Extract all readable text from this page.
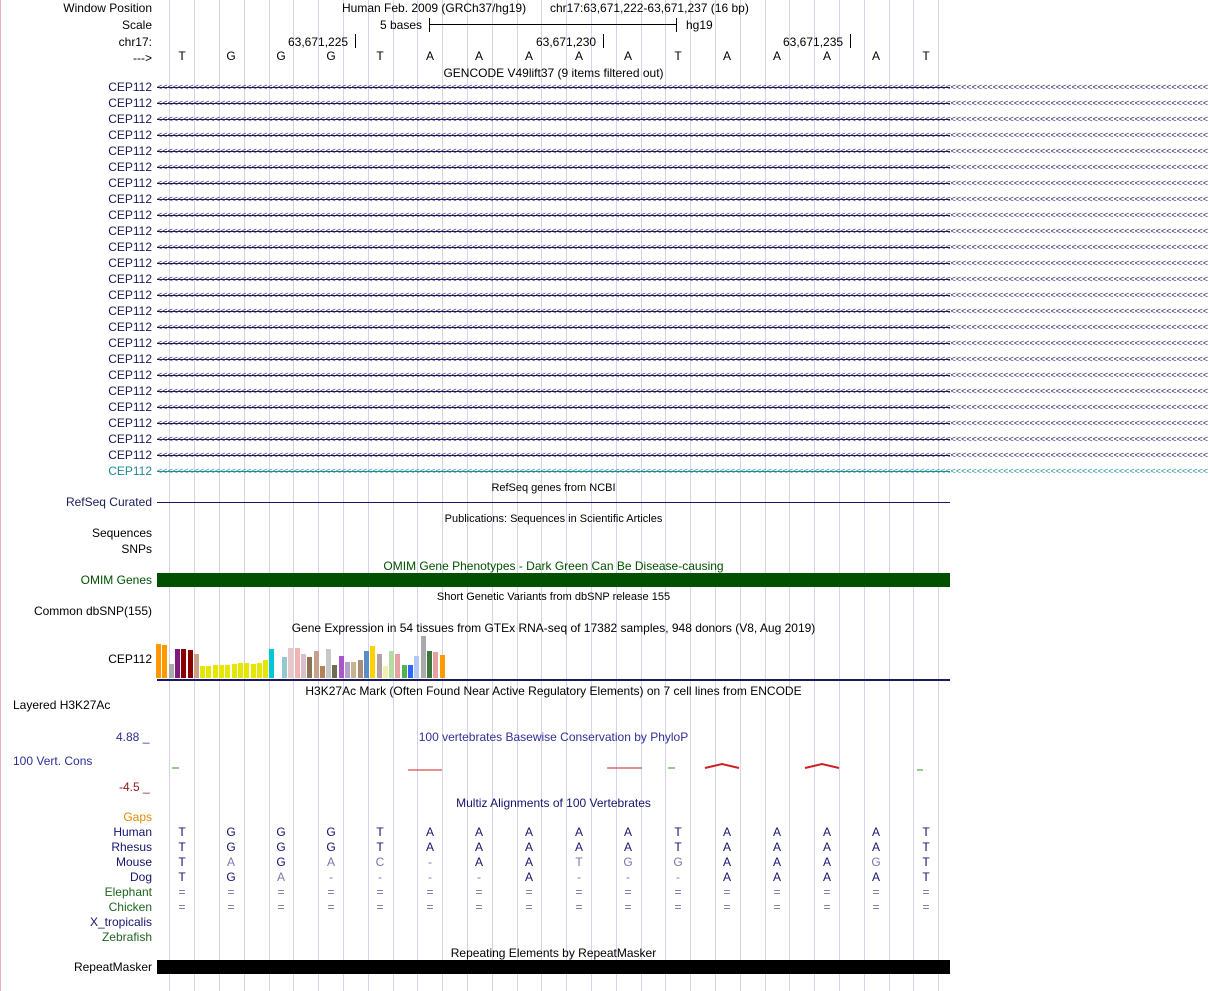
Window Position
Scale
chr17:
--->
Human Feb. 2009 (GRCh37/hg19) chr17:63,671,222-63,671,237 (16 bp)
5 bases	hg19
63,671,225	63,671,230	63,671,235
T	G	G	G	T	A	A	A	A	A	T	A	A	A	A	T
GENCODE V49lift37 (9 items filtered out)
CEP112 <<<<<<<<<<<<<<<<<<<<<<<<<<<<<<<<<<<<<<<<<<<<<<<<<<<<<<<<<<<<<<<<<<<<<<<<<<<<<<<<<<<<<<<<<<<<<<<<<<<<<<<<<<<<<<<<<<<<<<<<<<<<<<<<<<<<<<<<<<<<<<<<<<<<<<<<<<<<<<<<<<<<<<<<<<<<<<<<<<<<<<<<<<<<<<<<<<<<<<<<
CEP112 <<<<<<<<<<<<<<<<<<<<<<<<<<<<<<<<<<<<<<<<<<<<<<<<<<<<<<<<<<<<<<<<<<<<<<<<<<<<<<<<<<<<<<<<<<<<<<<<<<<<<<<<<<<<<<<<<<<<<<<<<<<<<<<<<<<<<<<<<<<<<<<<<<<<<<<<<<<<<<<<<<<<<<<<<<<<<<<<<<<<<<<<<<<<<<<<<<<<<<<<
CEP112 <<<<<<<<<<<<<<<<<<<<<<<<<<<<<<<<<<<<<<<<<<<<<<<<<<<<<<<<<<<<<<<<<<<<<<<<<<<<<<<<<<<<<<<<<<<<<<<<<<<<<<<<<<<<<<<<<<<<<<<<<<<<<<<<<<<<<<<<<<<<<<<<<<<<<<<<<<<<<<<<<<<<<<<<<<<<<<<<<<<<<<<<<<<<<<<<<<<<<<<<
CEP112 <<<<<<<<<<<<<<<<<<<<<<<<<<<<<<<<<<<<<<<<<<<<<<<<<<<<<<<<<<<<<<<<<<<<<<<<<<<<<<<<<<<<<<<<<<<<<<<<<<<<<<<<<<<<<<<<<<<<<<<<<<<<<<<<<<<<<<<<<<<<<<<<<<<<<<<<<<<<<<<<<<<<<<<<<<<<<<<<<<<<<<<<<<<<<<<<<<<<<<<<
CEP112 <<<<<<<<<<<<<<<<<<<<<<<<<<<<<<<<<<<<<<<<<<<<<<<<<<<<<<<<<<<<<<<<<<<<<<<<<<<<<<<<<<<<<<<<<<<<<<<<<<<<<<<<<<<<<<<<<<<<<<<<<<<<<<<<<<<<<<<<<<<<<<<<<<<<<<<<<<<<<<<<<<<<<<<<<<<<<<<<<<<<<<<<<<<<<<<<<<<<<<<<
CEP112 <<<<<<<<<<<<<<<<<<<<<<<<<<<<<<<<<<<<<<<<<<<<<<<<<<<<<<<<<<<<<<<<<<<<<<<<<<<<<<<<<<<<<<<<<<<<<<<<<<<<<<<<<<<<<<<<<<<<<<<<<<<<<<<<<<<<<<<<<<<<<<<<<<<<<<<<<<<<<<<<<<<<<<<<<<<<<<<<<<<<<<<<<<<<<<<<<<<<<<<<
CEP112 <<<<<<<<<<<<<<<<<<<<<<<<<<<<<<<<<<<<<<<<<<<<<<<<<<<<<<<<<<<<<<<<<<<<<<<<<<<<<<<<<<<<<<<<<<<<<<<<<<<<<<<<<<<<<<<<<<<<<<<<<<<<<<<<<<<<<<<<<<<<<<<<<<<<<<<<<<<<<<<<<<<<<<<<<<<<<<<<<<<<<<<<<<<<<<<<<<<<<<<<
CEP112 <<<<<<<<<<<<<<<<<<<<<<<<<<<<<<<<<<<<<<<<<<<<<<<<<<<<<<<<<<<<<<<<<<<<<<<<<<<<<<<<<<<<<<<<<<<<<<<<<<<<<<<<<<<<<<<<<<<<<<<<<<<<<<<<<<<<<<<<<<<<<<<<<<<<<<<<<<<<<<<<<<<<<<<<<<<<<<<<<<<<<<<<<<<<<<<<<<<<<<<<
CEP112 <<<<<<<<<<<<<<<<<<<<<<<<<<<<<<<<<<<<<<<<<<<<<<<<<<<<<<<<<<<<<<<<<<<<<<<<<<<<<<<<<<<<<<<<<<<<<<<<<<<<<<<<<<<<<<<<<<<<<<<<<<<<<<<<<<<<<<<<<<<<<<<<<<<<<<<<<<<<<<<<<<<<<<<<<<<<<<<<<<<<<<<<<<<<<<<<<<<<<<<<
CEP112 <<<<<<<<<<<<<<<<<<<<<<<<<<<<<<<<<<<<<<<<<<<<<<<<<<<<<<<<<<<<<<<<<<<<<<<<<<<<<<<<<<<<<<<<<<<<<<<<<<<<<<<<<<<<<<<<<<<<<<<<<<<<<<<<<<<<<<<<<<<<<<<<<<<<<<<<<<<<<<<<<<<<<<<<<<<<<<<<<<<<<<<<<<<<<<<<<<<<<<<<
CEP112 <<<<<<<<<<<<<<<<<<<<<<<<<<<<<<<<<<<<<<<<<<<<<<<<<<<<<<<<<<<<<<<<<<<<<<<<<<<<<<<<<<<<<<<<<<<<<<<<<<<<<<<<<<<<<<<<<<<<<<<<<<<<<<<<<<<<<<<<<<<<<<<<<<<<<<<<<<<<<<<<<<<<<<<<<<<<<<<<<<<<<<<<<<<<<<<<<<<<<<<<
CEP112 <<<<<<<<<<<<<<<<<<<<<<<<<<<<<<<<<<<<<<<<<<<<<<<<<<<<<<<<<<<<<<<<<<<<<<<<<<<<<<<<<<<<<<<<<<<<<<<<<<<<<<<<<<<<<<<<<<<<<<<<<<<<<<<<<<<<<<<<<<<<<<<<<<<<<<<<<<<<<<<<<<<<<<<<<<<<<<<<<<<<<<<<<<<<<<<<<<<<<<<<
CEP112 <<<<<<<<<<<<<<<<<<<<<<<<<<<<<<<<<<<<<<<<<<<<<<<<<<<<<<<<<<<<<<<<<<<<<<<<<<<<<<<<<<<<<<<<<<<<<<<<<<<<<<<<<<<<<<<<<<<<<<<<<<<<<<<<<<<<<<<<<<<<<<<<<<<<<<<<<<<<<<<<<<<<<<<<<<<<<<<<<<<<<<<<<<<<<<<<<<<<<<<<
CEP112 <<<<<<<<<<<<<<<<<<<<<<<<<<<<<<<<<<<<<<<<<<<<<<<<<<<<<<<<<<<<<<<<<<<<<<<<<<<<<<<<<<<<<<<<<<<<<<<<<<<<<<<<<<<<<<<<<<<<<<<<<<<<<<<<<<<<<<<<<<<<<<<<<<<<<<<<<<<<<<<<<<<<<<<<<<<<<<<<<<<<<<<<<<<<<<<<<<<<<<<<
CEP112 <<<<<<<<<<<<<<<<<<<<<<<<<<<<<<<<<<<<<<<<<<<<<<<<<<<<<<<<<<<<<<<<<<<<<<<<<<<<<<<<<<<<<<<<<<<<<<<<<<<<<<<<<<<<<<<<<<<<<<<<<<<<<<<<<<<<<<<<<<<<<<<<<<<<<<<<<<<<<<<<<<<<<<<<<<<<<<<<<<<<<<<<<<<<<<<<<<<<<<<<
CEP112 <<<<<<<<<<<<<<<<<<<<<<<<<<<<<<<<<<<<<<<<<<<<<<<<<<<<<<<<<<<<<<<<<<<<<<<<<<<<<<<<<<<<<<<<<<<<<<<<<<<<<<<<<<<<<<<<<<<<<<<<<<<<<<<<<<<<<<<<<<<<<<<<<<<<<<<<<<<<<<<<<<<<<<<<<<<<<<<<<<<<<<<<<<<<<<<<<<<<<<<<
CEP112 <<<<<<<<<<<<<<<<<<<<<<<<<<<<<<<<<<<<<<<<<<<<<<<<<<<<<<<<<<<<<<<<<<<<<<<<<<<<<<<<<<<<<<<<<<<<<<<<<<<<<<<<<<<<<<<<<<<<<<<<<<<<<<<<<<<<<<<<<<<<<<<<<<<<<<<<<<<<<<<<<<<<<<<<<<<<<<<<<<<<<<<<<<<<<<<<<<<<<<<<
CEP112 <<<<<<<<<<<<<<<<<<<<<<<<<<<<<<<<<<<<<<<<<<<<<<<<<<<<<<<<<<<<<<<<<<<<<<<<<<<<<<<<<<<<<<<<<<<<<<<<<<<<<<<<<<<<<<<<<<<<<<<<<<<<<<<<<<<<<<<<<<<<<<<<<<<<<<<<<<<<<<<<<<<<<<<<<<<<<<<<<<<<<<<<<<<<<<<<<<<<<<<<
CEP112 <<<<<<<<<<<<<<<<<<<<<<<<<<<<<<<<<<<<<<<<<<<<<<<<<<<<<<<<<<<<<<<<<<<<<<<<<<<<<<<<<<<<<<<<<<<<<<<<<<<<<<<<<<<<<<<<<<<<<<<<<<<<<<<<<<<<<<<<<<<<<<<<<<<<<<<<<<<<<<<<<<<<<<<<<<<<<<<<<<<<<<<<<<<<<<<<<<<<<<<<
CEP112 <<<<<<<<<<<<<<<<<<<<<<<<<<<<<<<<<<<<<<<<<<<<<<<<<<<<<<<<<<<<<<<<<<<<<<<<<<<<<<<<<<<<<<<<<<<<<<<<<<<<<<<<<<<<<<<<<<<<<<<<<<<<<<<<<<<<<<<<<<<<<<<<<<<<<<<<<<<<<<<<<<<<<<<<<<<<<<<<<<<<<<<<<<<<<<<<<<<<<<<<
CEP112 <<<<<<<<<<<<<<<<<<<<<<<<<<<<<<<<<<<<<<<<<<<<<<<<<<<<<<<<<<<<<<<<<<<<<<<<<<<<<<<<<<<<<<<<<<<<<<<<<<<<<<<<<<<<<<<<<<<<<<<<<<<<<<<<<<<<<<<<<<<<<<<<<<<<<<<<<<<<<<<<<<<<<<<<<<<<<<<<<<<<<<<<<<<<<<<<<<<<<<<<
CEP112 <<<<<<<<<<<<<<<<<<<<<<<<<<<<<<<<<<<<<<<<<<<<<<<<<<<<<<<<<<<<<<<<<<<<<<<<<<<<<<<<<<<<<<<<<<<<<<<<<<<<<<<<<<<<<<<<<<<<<<<<<<<<<<<<<<<<<<<<<<<<<<<<<<<<<<<<<<<<<<<<<<<<<<<<<<<<<<<<<<<<<<<<<<<<<<<<<<<<<<<<
CEP112 <<<<<<<<<<<<<<<<<<<<<<<<<<<<<<<<<<<<<<<<<<<<<<<<<<<<<<<<<<<<<<<<<<<<<<<<<<<<<<<<<<<<<<<<<<<<<<<<<<<<<<<<<<<<<<<<<<<<<<<<<<<<<<<<<<<<<<<<<<<<<<<<<<<<<<<<<<<<<<<<<<<<<<<<<<<<<<<<<<<<<<<<<<<<<<<<<<<<<<<<
CEP112 <<<<<<<<<<<<<<<<<<<<<<<<<<<<<<<<<<<<<<<<<<<<<<<<<<<<<<<<<<<<<<<<<<<<<<<<<<<<<<<<<<<<<<<<<<<<<<<<<<<<<<<<<<<<<<<<<<<<<<<<<<<<<<<<<<<<<<<<<<<<<<<<<<<<<<<<<<<<<<<<<<<<<<<<<<<<<<<<<<<<<<<<<<<<<<<<<<<<<<<<
CEP112 <<<<<<<<<<<<<<<<<<<<<<<<<<<<<<<<<<<<<<<<<<<<<<<<<<<<<<<<<<<<<<<<<<<<<<<<<<<<<<<<<<<<<<<<<<<<<<<<<<<<<<<<<<<<<<<<<<<<<<<<<<<<<<<<<<<<<<<<<<<<<<<<<<<<<<<<<<<<<<<<<<<<<<<<<<<<<<<<<<<<<<<<<<<<<<<<<<<<<<<<
RefSeq genes from NCBI
RefSeq Curated
Publications: Sequences in Scientific Articles
Sequences
SNPs
OMIM Gene Phenotypes - Dark Green Can Be Disease-causing
OMIM Genes
Short Genetic Variants from dbSNP release 155
Common dbSNP(155)
Gene Expression in 54 tissues from GTEx RNA-seq of 17382 samples, 948 donors (V8, Aug 2019)
CEP112
H3K27Ac Mark (Often Found Near Active Regulatory Elements) on 7 cell lines from ENCODE
Layered H3K27Ac
100 vertebrates Basewise Conservation by PhyloP
4.88 _
100 Vert. Cons
-4.5 _
Multiz Alignments of 100 Vertebrates
Gaps
Human	T	G	G	G	T	A	A	A	A	A	T	A	A	A	A	T
Rhesus	T	G	G	G	T	A	A	A	A	A	T	A	A	A	A	T
Mouse	T	A	G	A	C	-	A	A	T	G	G	A	A	A	G	T
Dog	T	G	A	-	-	-	-	A	-	-	-	A	A	A	A	T
Elephant	=	=	=	=	=	=	=	=	=	=	=	=	=	=	=	=
Chicken	=	=	=	=	=	=	=	=	=	=	=	=	=	=	=	=
X_tropicalis
Zebrafish
Repeating Elements by RepeatMasker
RepeatMasker
